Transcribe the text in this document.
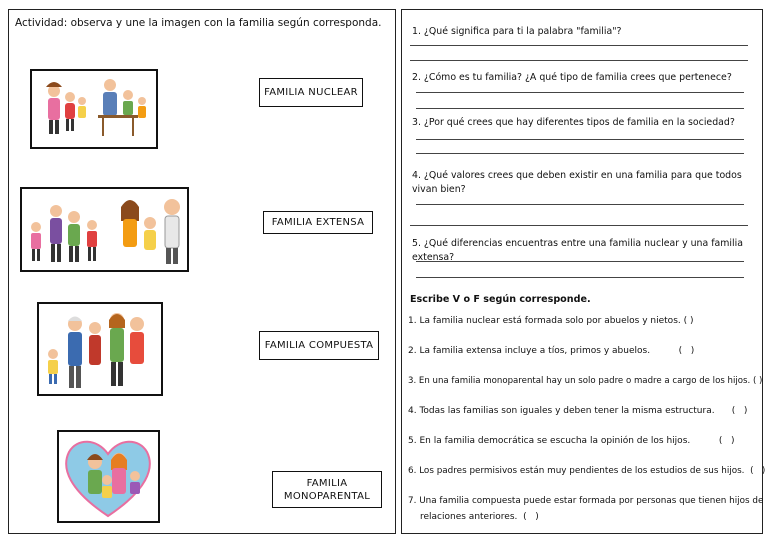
Actividad: observa y une la imagen con la familia según corresponda.
FAMILIA NUCLEAR
FAMILIA EXTENSA
FAMILIA COMPUESTA
FAMILIA MONOPARENTAL
1. ¿Qué significa para ti la palabra "familia"?
2. ¿Cómo es tu familia? ¿A qué tipo de familia crees que pertenece?
3. ¿Por qué crees que hay diferentes tipos de familia en la sociedad?
4. ¿Qué valores crees que deben existir en una familia para que todos vivan bien?
5. ¿Qué diferencias encuentras entre una familia nuclear y una familia extensa?
Escribe V o F según corresponde.
1. La familia nuclear está formada solo por abuelos y nietos. ( )
2. La familia extensa incluye a tíos, primos y abuelos.          (   )
3. En una familia monoparental hay un solo padre o madre a cargo de los hijos. ( )
4. Todas las familias son iguales y deben tener la misma estructura.      (   )
5. En la familia democrática se escucha la opinión de los hijos.          (   )
6. Los padres permisivos están muy pendientes de los estudios de sus hijos.  (   )
7. Una familia compuesta puede estar formada por personas que tienen hijos de
relaciones anteriores.  (   )
